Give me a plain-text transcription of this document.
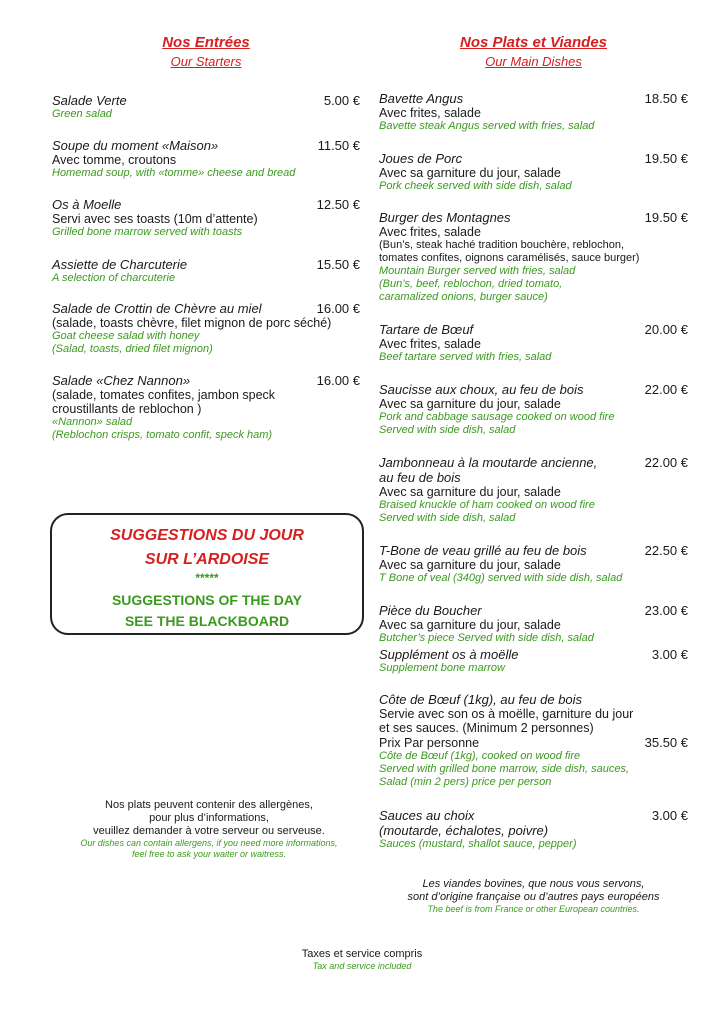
Nos Entrées
Our Starters
Salade Verte	5.00 €
Green salad
Soupe du moment «Maison»	11.50 €
Avec tomme, croutons
Homemad soup, with «tomme» cheese and bread
Os à Moelle	12.50 €
Servi avec ses toasts (10m d’attente)
Grilled bone marrow served with toasts
Assiette de Charcuterie	15.50 €
A selection of charcuterie
Salade de Crottin de Chèvre au miel	16.00 €
(salade, toasts chèvre, filet mignon de porc séché)
Goat cheese salad with honey
(Salad, toasts, dried filet mignon)
Salade «Chez Nannon»	16.00 €
(salade, tomates confites, jambon speck
croustillants de reblochon )
«Nannon» salad
(Reblochon crisps, tomato confit, speck ham)
SUGGESTIONS DU JOUR
SUR L’ARDOISE
*****
SUGGESTIONS OF THE DAY
SEE THE BLACKBOARD
Nos plats peuvent contenir des allergènes,
pour plus d’informations,
veuillez demander à votre serveur ou serveuse.
Our dishes can contain allergens, if you need more informations,
feel free to ask your waiter or waitress.
Nos Plats et Viandes
Our Main Dishes
Bavette Angus	18.50 €
Avec frites, salade
Bavette steak Angus served with fries, salad
Joues de Porc	19.50 €
Avec sa garniture du jour, salade
Pork cheek served with side dish, salad
Burger des Montagnes	19.50 €
Avec frites, salade
(Bun’s, steak haché tradition bouchère, reblochon,
tomates confites, oignons caramélisés, sauce burger)
Mountain Burger served with fries, salad
(Bun’s, beef, reblochon, dried tomato,
caramalized onions, burger sauce)
Tartare de Bœuf	20.00 €
Avec frites, salade
Beef tartare served with fries, salad
Saucisse aux choux, au feu de bois	22.00 €
Avec sa garniture du jour, salade
Pork and cabbage sausage cooked on wood fire
Served with side dish, salad
Jambonneau à la moutarde ancienne,	22.00 €
au feu de bois
Avec sa garniture du jour, salade
Braised knuckle of ham cooked on wood fire
Served with side dish, salad
T-Bone de veau grillé au feu de bois	22.50 €
Avec sa garniture du jour, salade
T Bone of veal (340g) served with side dish, salad
Pièce du Boucher	23.00 €
Avec sa garniture du jour, salade
Butcher’s piece Served with side dish, salad
Supplément os à moëlle	3.00 €
Supplement bone marrow
Côte de Bœuf (1kg), au feu de bois
Servie avec son os à moëlle, garniture du jour
et ses sauces. (Minimum 2 personnes)
Prix Par personne	35.50 €
Côte de Bœuf (1kg), cooked on wood fire
Served with grilled bone marrow, side dish, sauces,
Salad (min 2 pers) price per person
Sauces au choix	3.00 €
(moutarde, échalotes, poivre)
Sauces (mustard, shallot sauce, pepper)
Les viandes bovines, que nous vous servons,
sont d’origine française ou d’autres pays européens
The beef is from France or other European countries.
Taxes et service compris
Tax and service included
